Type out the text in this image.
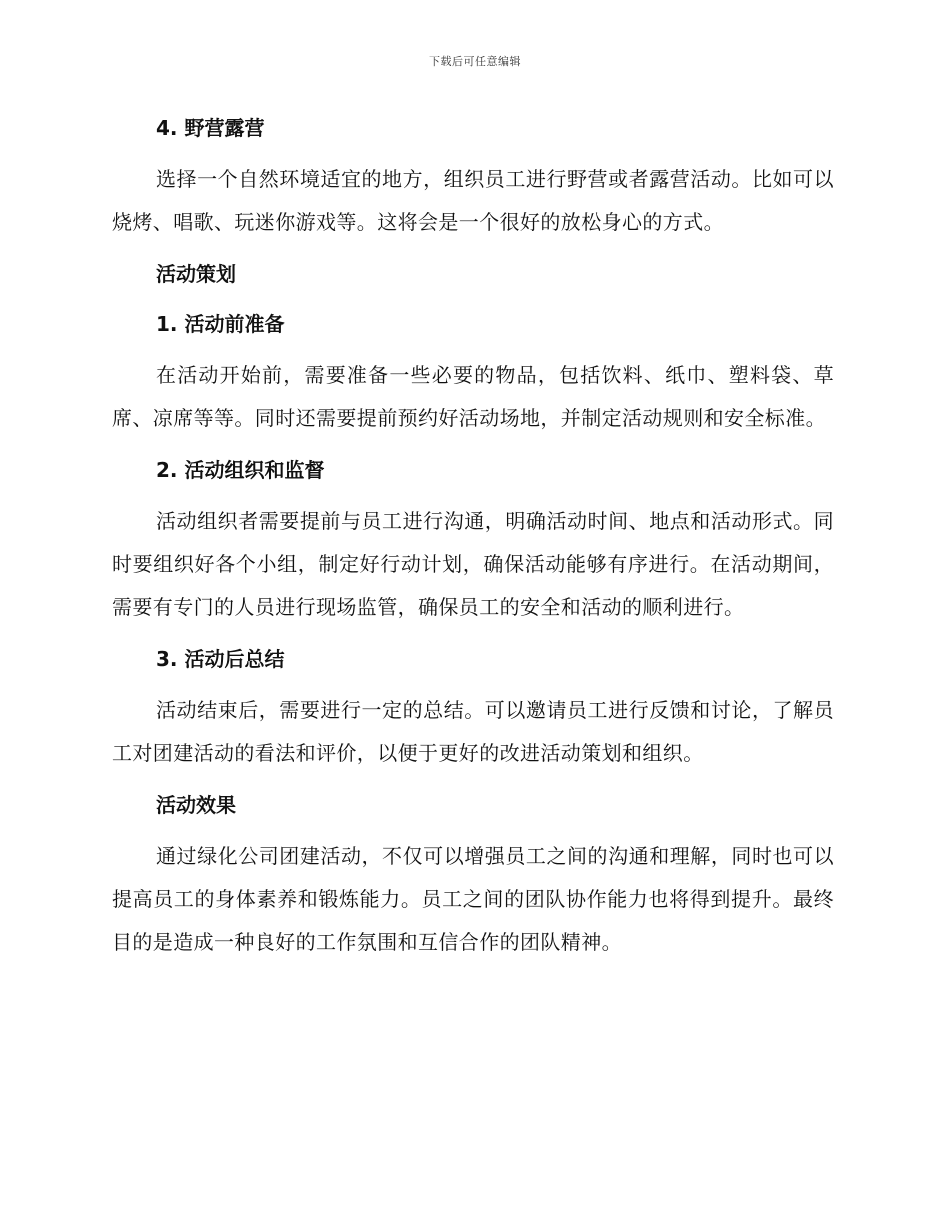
下载后可任意编辑
4. 野营露营

选择一个自然环境适宜的地方，组织员工进行野营或者露营活动。比如可以烧烤、唱歌、玩迷你游戏等。这将会是一个很好的放松身心的方式。

活动策划
1. 活动前准备

在活动开始前，需要准备一些必要的物品，包括饮料、纸巾、塑料袋、草席、凉席等等。同时还需要提前预约好活动场地，并制定活动规则和安全标准。

2. 活动组织和监督

活动组织者需要提前与员工进行沟通，明确活动时间、地点和活动形式。同时要组织好各个小组，制定好行动计划，确保活动能够有序进行。在活动期间，需要有专门的人员进行现场监管，确保员工的安全和活动的顺利进行。

3. 活动后总结

活动结束后，需要进行一定的总结。可以邀请员工进行反馈和讨论，了解员工对团建活动的看法和评价，以便于更好的改进活动策划和组织。

活动效果

通过绿化公司团建活动，不仅可以增强员工之间的沟通和理解，同时也可以提高员工的身体素养和锻炼能力。员工之间的团队协作能力也将得到提升。最终目的是造成一种良好的工作氛围和互信合作的团队精神。
